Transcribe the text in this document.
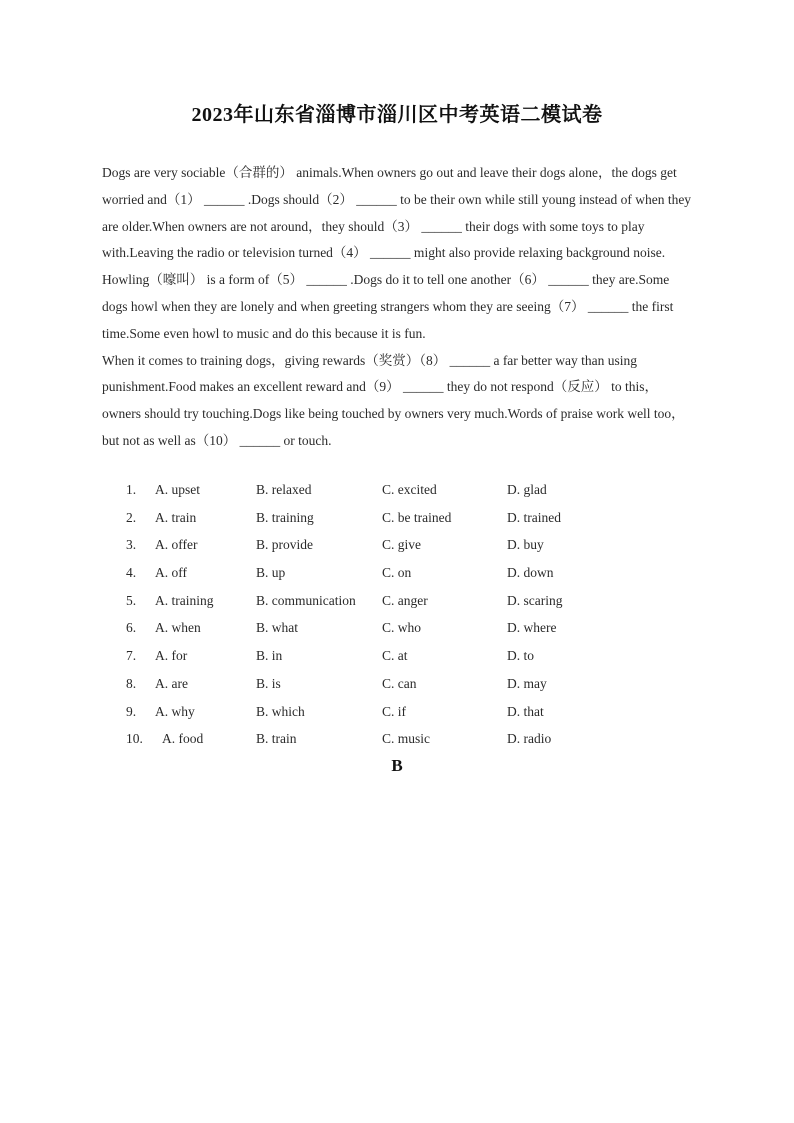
2023年山东省淄博市淄川区中考英语二模试卷

Dogs are very sociable（合群的） animals.When owners go out and leave their dogs alone，the dogs get worried and（1） ______ .Dogs should（2） ______ to be their own while still young instead of when they are older.When owners are not around，they should（3） ______ their dogs with some toys to play with.Leaving the radio or television turned（4） ______ might also provide relaxing background noise.

Howling（嚎叫） is a form of（5） ______ .Dogs do it to tell one another（6） ______ they are.Some dogs howl when they are lonely and when greeting strangers whom they are seeing（7） ______ the first time.Some even howl to music and do this because it is fun.

When it comes to training dogs，giving rewards（奖赏）（8） ______ a far better way than using punishment.Food makes an excellent reward and（9） ______ they do not respond（反应） to this，owners should try touching.Dogs like being touched by owners very much.Words of praise work well too，but not as well as（10） ______ or touch.

1. A. upset	B. relaxed	C. excited	D. glad
2. A. train	B. training	C. be trained	D. trained
3. A. offer	B. provide	C. give	D. buy
4. A. off	B. up	C. on	D. down
5. A. training	B. communication C. anger	D. scaring
6. A. when	B. what	C. who	D. where
7. A. for	B. in	C. at	D. to
8. A. are	B. is	C. can	D. may
9. A. why	B. which	C. if	D. that
10. A. food	B. train	C. music	D. radio
B
